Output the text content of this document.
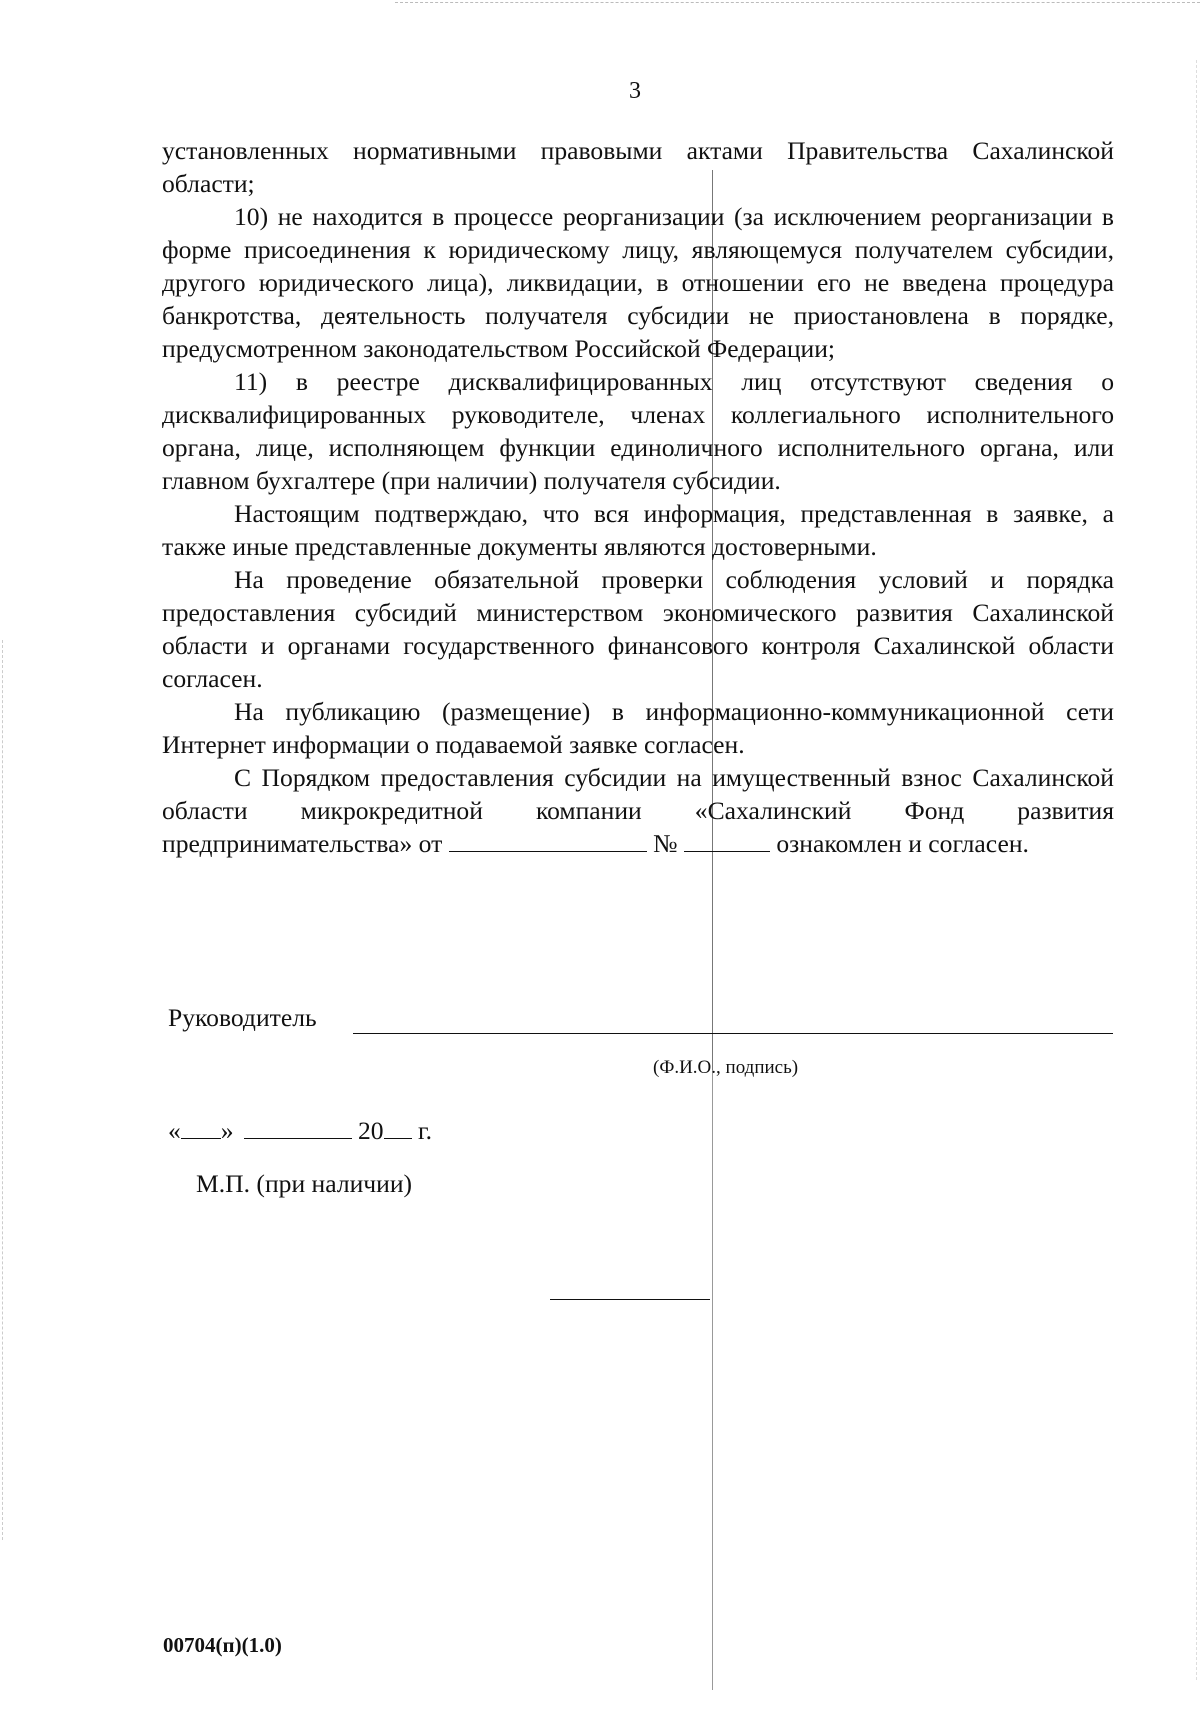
3

установленных нормативными правовыми актами Правительства Сахалинской области;

10) не находится в процессе реорганизации (за исключением реорганизации в форме присоединения к юридическому лицу, являющемуся получателем субсидии, другого юридического лица), ликвидации, в отношении его не введена процедура банкротства, деятельность получателя субсидии не приостановлена в порядке, предусмотренном законодательством Российской Федерации;

11) в реестре дисквалифицированных лиц отсутствуют сведения о дисквалифицированных руководителе, членах коллегиального исполнительного органа, лице, исполняющем функции единоличного исполнительного органа, или главном бухгалтере (при наличии) получателя субсидии.

Настоящим подтверждаю, что вся информация, представленная в заявке, а также иные представленные документы являются достоверными.

На проведение обязательной проверки соблюдения условий и порядка предоставления субсидий министерством экономического развития Сахалинской области и органами государственного финансового контроля Сахалинской области согласен.

На публикацию (размещение) в информационно-коммуникационной сети Интернет информации о подаваемой заявке согласен.

С Порядком предоставления субсидии на имущественный взнос Сахалинской области микрокредитной компании «Сахалинский Фонд развития предпринимательства» от	№	ознакомлен и согласен.

Руководитель
(Ф.И.О., подпись)
« »	20 г.
М.П. (при наличии)
00704(п)(1.0)
